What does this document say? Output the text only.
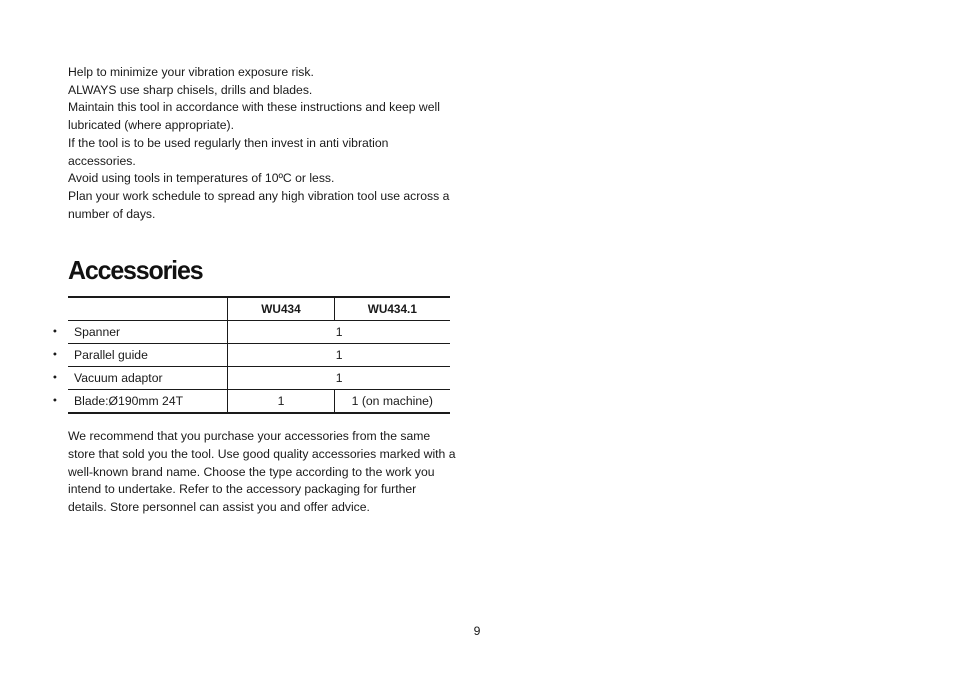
Help to minimize your vibration exposure risk.

ALWAYS use sharp chisels, drills and blades.

Maintain this tool in accordance with these instructions and keep well lubricated (where appropriate).

If the tool is to be used regularly then invest in anti vibration accessories.

Avoid using tools in temperatures of 10ºC or less.

Plan your work schedule to spread any high vibration tool use across a number of days.

Accessories
	WU434	WU434.1

• Spanner	1	

• Parallel guide	1	

• Vacuum adaptor	1	

• Blade:Ø190mm 24T	1	1 (on machine)

We recommend that you purchase your accessories from the same store that sold you the tool. Use good quality accessories marked with a well-known brand name. Choose the type according to the work you intend to undertake. Refer to the accessory packaging for further details. Store personnel can assist you and offer advice.

9
